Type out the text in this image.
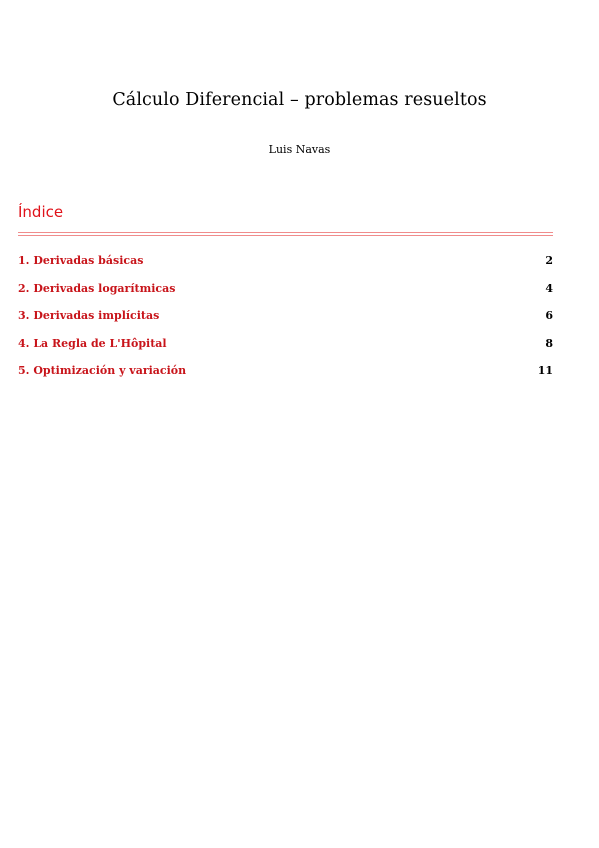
Cálculo Diferencial – problemas resueltos
Luis Navas
Índice
1. Derivadas básicas	2
2. Derivadas logarítmicas	4
3. Derivadas implícitas	6
4. La Regla de L'Hôpital	8
5. Optimización y variación	11
